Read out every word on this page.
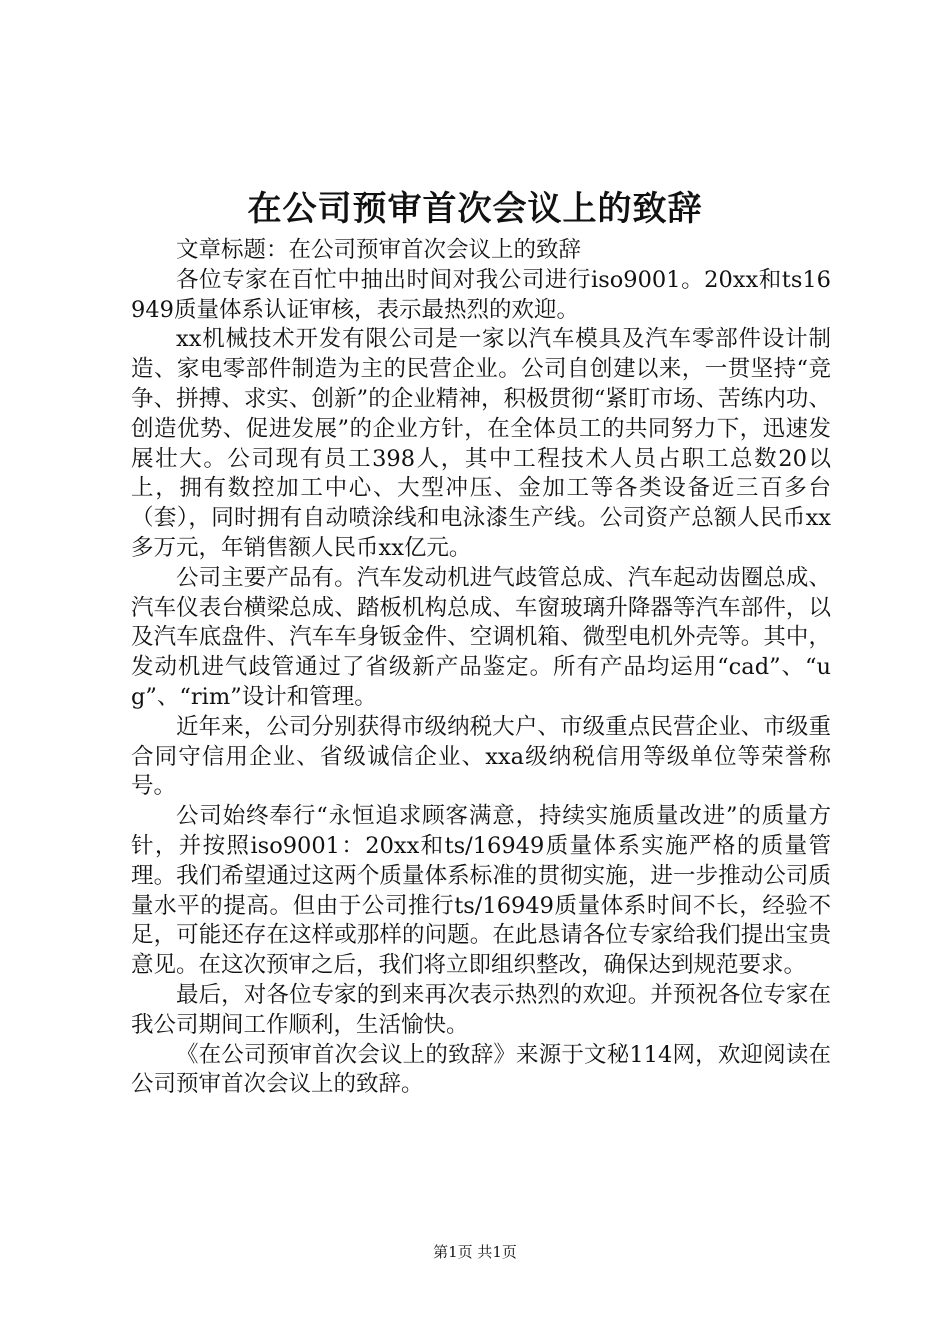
在公司预审首次会议上的致辞

文章标题：在公司预审首次会议上的致辞

各位专家在百忙中抽出时间对我公司进行iso9001。20xx和ts16949质量体系认证审核，表示最热烈的欢迎。

xx机械技术开发有限公司是一家以汽车模具及汽车零部件设计制造、家电零部件制造为主的民营企业。公司自创建以来，一贯坚持“竞争、拼搏、求实、创新”的企业精神，积极贯彻“紧盯市场、苦练内功、创造优势、促进发展”的企业方针，在全体员工的共同努力下，迅速发展壮大。公司现有员工398人，其中工程技术人员占职工总数20以上，拥有数控加工中心、大型冲压、金加工等各类设备近三百多台（套），同时拥有自动喷涂线和电泳漆生产线。公司资产总额人民币xx多万元，年销售额人民币xx亿元。

公司主要产品有。汽车发动机进气歧管总成、汽车起动齿圈总成、汽车仪表台横梁总成、踏板机构总成、车窗玻璃升降器等汽车部件，以及汽车底盘件、汽车车身钣金件、空调机箱、微型电机外壳等。其中，发动机进气歧管通过了省级新产品鉴定。所有产品均运用“cad”、“ug”、“rim”设计和管理。

近年来，公司分别获得市级纳税大户、市级重点民营企业、市级重合同守信用企业、省级诚信企业、xxa级纳税信用等级单位等荣誉称号。

公司始终奉行“永恒追求顾客满意，持续实施质量改进”的质量方针，并按照iso9001：20xx和ts/16949质量体系实施严格的质量管理。我们希望通过这两个质量体系标准的贯彻实施，进一步推动公司质量水平的提高。但由于公司推行ts/16949质量体系时间不长，经验不足，可能还存在这样或那样的问题。在此恳请各位专家给我们提出宝贵意见。在这次预审之后，我们将立即组织整改，确保达到规范要求。

最后，对各位专家的到来再次表示热烈的欢迎。并预祝各位专家在我公司期间工作顺利，生活愉快。

《在公司预审首次会议上的致辞》来源于文秘114网，欢迎阅读在公司预审首次会议上的致辞。

第1页 共1页
